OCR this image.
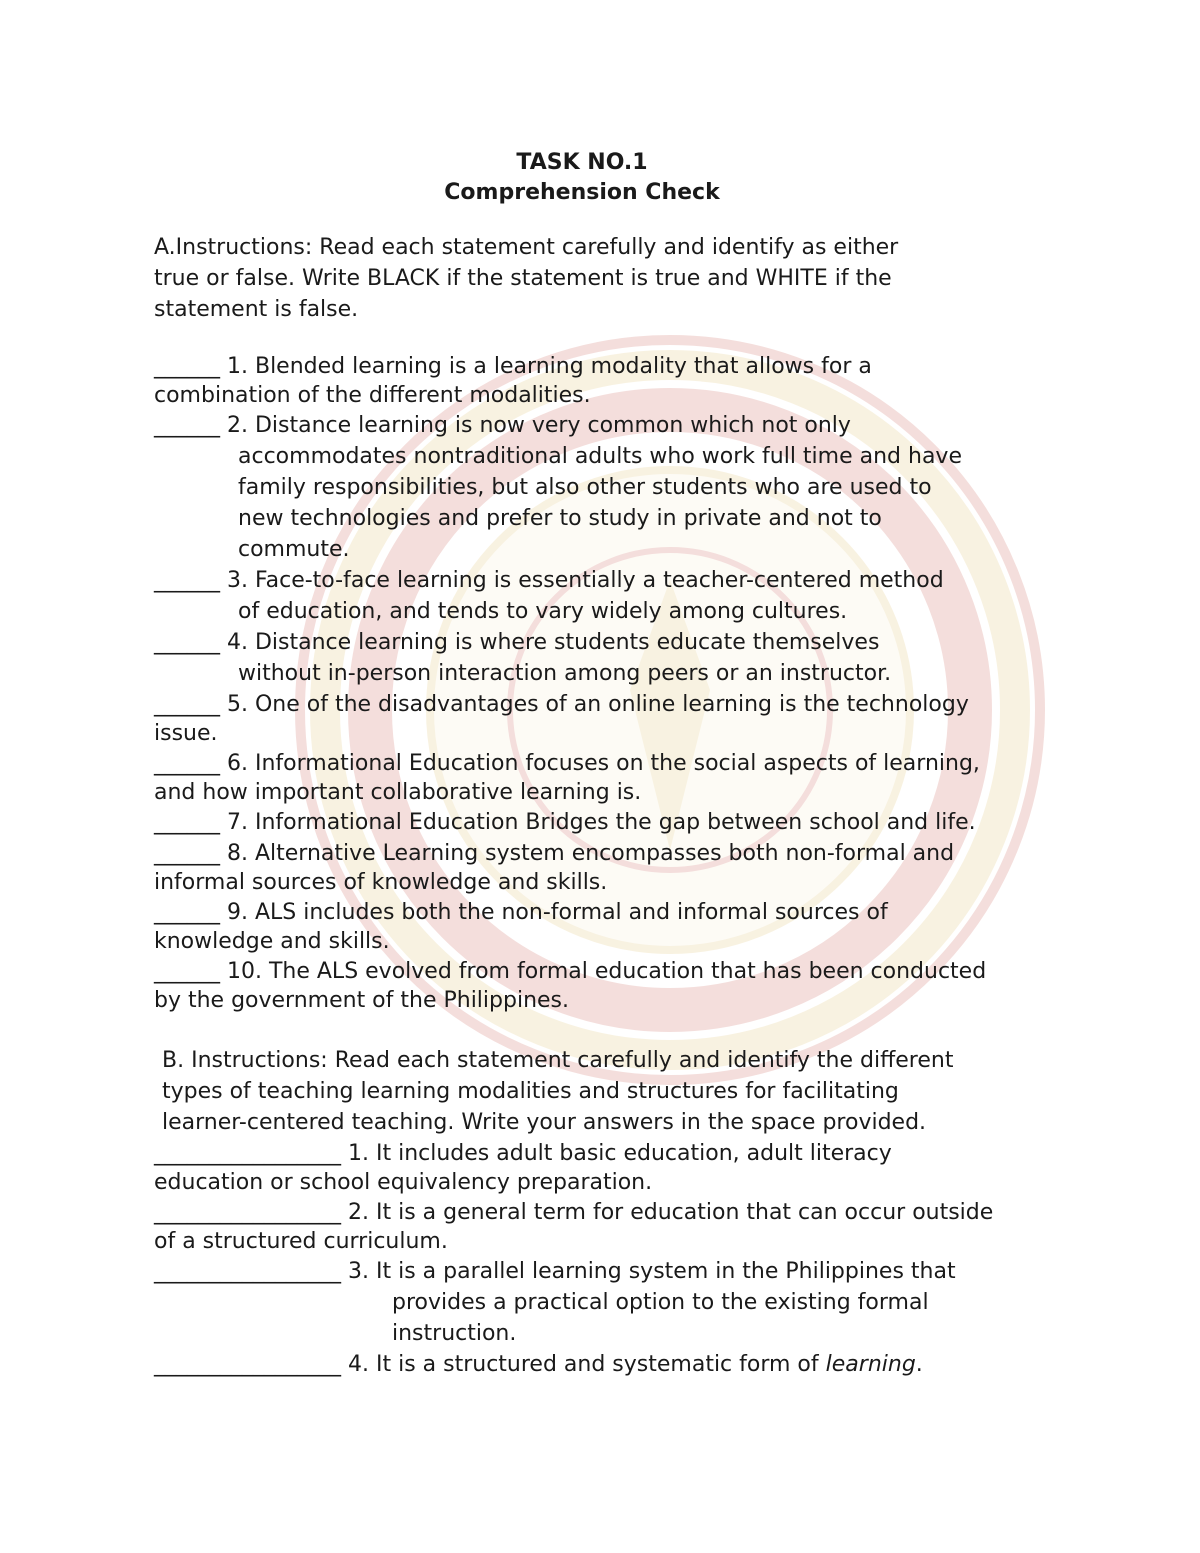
TASK NO.1
Comprehension Check
A.Instructions: Read each statement carefully and identify as either
true or false. Write BLACK if the statement is true and WHITE if the
statement is false.
______ 1. Blended learning is a learning modality that allows for a
combination of the different modalities.
______ 2. Distance learning is now very common which not only
accommodates nontraditional adults who work full time and have
family responsibilities, but also other students who are used to
new technologies and prefer to study in private and not to
commute.
______ 3. Face-to-face learning is essentially a teacher-centered method
of education, and tends to vary widely among cultures.
______ 4. Distance learning is where students educate themselves
without in-person interaction among peers or an instructor.
______ 5. One of the disadvantages of an online learning is the technology
issue.
______ 6. Informational Education focuses on the social aspects of learning,
and how important collaborative learning is.
______ 7. Informational Education Bridges the gap between school and life.
______ 8. Alternative Learning system encompasses both non-formal and
informal sources of knowledge and skills.
______ 9. ALS includes both the non-formal and informal sources of
knowledge and skills.
______ 10. The ALS evolved from formal education that has been conducted
by the government of the Philippines.
B. Instructions: Read each statement carefully and identify the different
types of teaching learning modalities and structures for facilitating
learner-centered teaching. Write your answers in the space provided.
_________________ 1. It includes adult basic education, adult literacy
education or school equivalency preparation.
_________________ 2. It is a general term for education that can occur outside
of a structured curriculum.
_________________ 3. It is a parallel learning system in the Philippines that
provides a practical option to the existing formal
instruction.
_________________ 4. It is a structured and systematic form of learning.
